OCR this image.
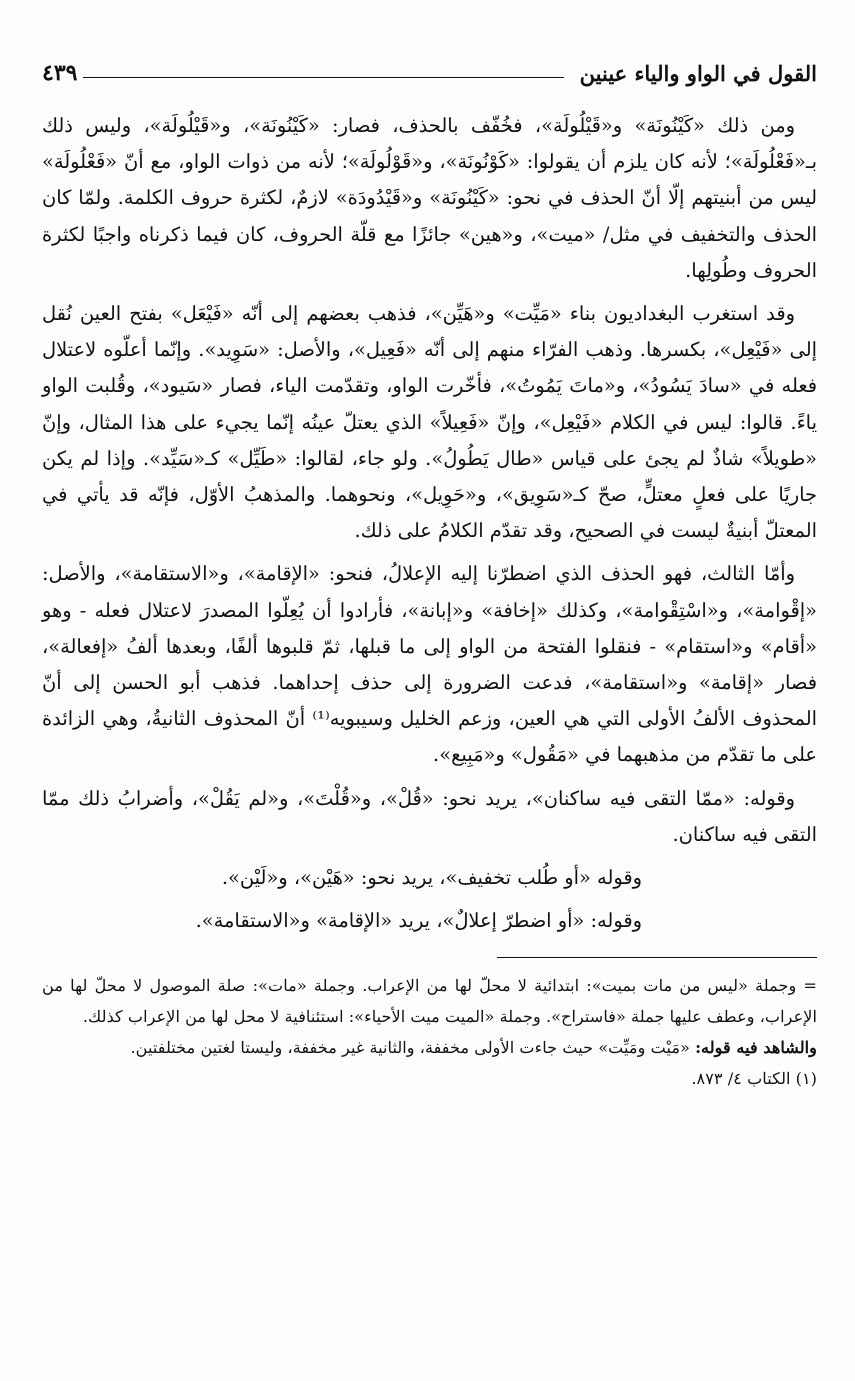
القول في الواو والياء عينين
٤٣٩

ومن ذلك «كَيْنُونَة» و«قَيْلُولَة»، فخُفّف بالحذف، فصار: «كَيْنُونَة»، و«قَيْلُولَة»، وليس ذلك بـ«فَعْلُولَة»؛ لأنه كان يلزم أن يقولوا: «كَوْنُونَة»، و«قَوْلُولَة»؛ لأنه من ذوات الواو، مع أنّ «فَعْلُولَة» ليس من أبنيتهم إلّا أنّ الحذف في نحو: «كَيْنُونَة» و«قَيْدُودَة» لازمٌ، لكثرة حروف الكلمة. ولمّا كان الحذف والتخفيف في مثل/ «ميت»، و«هين» جائزًا مع قلّة الحروف، كان فيما ذكرناه واجبًا لكثرة الحروف وطُولِها.

وقد استغرب البغداديون بناء «مَيِّت» و«هَيِّن»، فذهب بعضهم إلى أنّه «فَيْعَل» بفتح العين نُقل إلى «فَيْعِل»، بكسرها. وذهب الفرّاء منهم إلى أنّه «فَعِيل»، والأصل: «سَوِيد». وإنّما أعلّوه لاعتلال فعله في «سادَ يَسُودُ»، و«ماتَ يَمُوتُ»، فأخّرت الواو، وتقدّمت الياء، فصار «سَيود»، وقُلبت الواو ياءً. قالوا: ليس في الكلام «فَيْعِل»، وإنّ «فَعِيلاً» الذي يعتلّ عينُه إنّما يجيء على هذا المثال، وإنّ «طويلاً» شاذٌ لم يجئ على قياس «طال يَطُولُ». ولو جاء، لقالوا: «طَيِّل» كـ«سَيِّد». وإذا لم يكن جاريًا على فعلٍ معتلٍّ، صحّ كـ«سَوِيق»، و«حَوِيل»، ونحوهما. والمذهبُ الأوّل، فإنّه قد يأتي في المعتلّ أبنيةٌ ليست في الصحيح، وقد تقدّم الكلامُ على ذلك.

وأمّا الثالث، فهو الحذف الذي اضطرّنا إليه الإعلالُ، فنحو: «الإقامة»، و«الاستقامة»، والأصل: «إقْوامة»، و«اسْتِقْوامة»، وكذلك «إخافة» و«إبانة»، فأرادوا أن يُعِلّوا المصدرَ لاعتلال فعله - وهو «أقام» و«استقام» - فنقلوا الفتحة من الواو إلى ما قبلها، ثمّ قلبوها ألفًا، وبعدها ألفُ «إفعالة»، فصار «إقامة» و«استقامة»، فدعت الضرورة إلى حذف إحداهما. فذهب أبو الحسن إلى أنّ المحذوف الألفُ الأولى التي هي العين، وزعم الخليل وسيبويه⁽¹⁾ أنّ المحذوف الثانيةُ، وهي الزائدة على ما تقدّم من مذهبهما في «مَقُول» و«مَبِيع».

وقوله: «ممّا التقى فيه ساكنان»، يريد نحو: «قُلْ»، و«قُلْتَ»، و«لم يَقُلْ»، وأضرابُ ذلك ممّا التقى فيه ساكنان.

وقوله «أو طُلب تخفيف»، يريد نحو: «هَيْن»، و«لَيْن».

وقوله: «أو اضطرّ إعلالٌ»، يريد «الإقامة» و«الاستقامة».

= وجملة «ليس من مات بميت»: ابتدائية لا محلّ لها من الإعراب. وجملة «مات»: صلة الموصول لا محلّ لها من الإعراب، وعطف عليها جملة «فاستراح». وجملة «الميت ميت الأحياء»: استئنافية لا محل لها من الإعراب كذلك.

والشاهد فيه قوله: «مَيْت ومَيِّت» حيث جاءت الأولى مخففة، والثانية غير مخففة، وليستا لغتين مختلفتين.

(١) الكتاب ٤/ ٨٧٣.
